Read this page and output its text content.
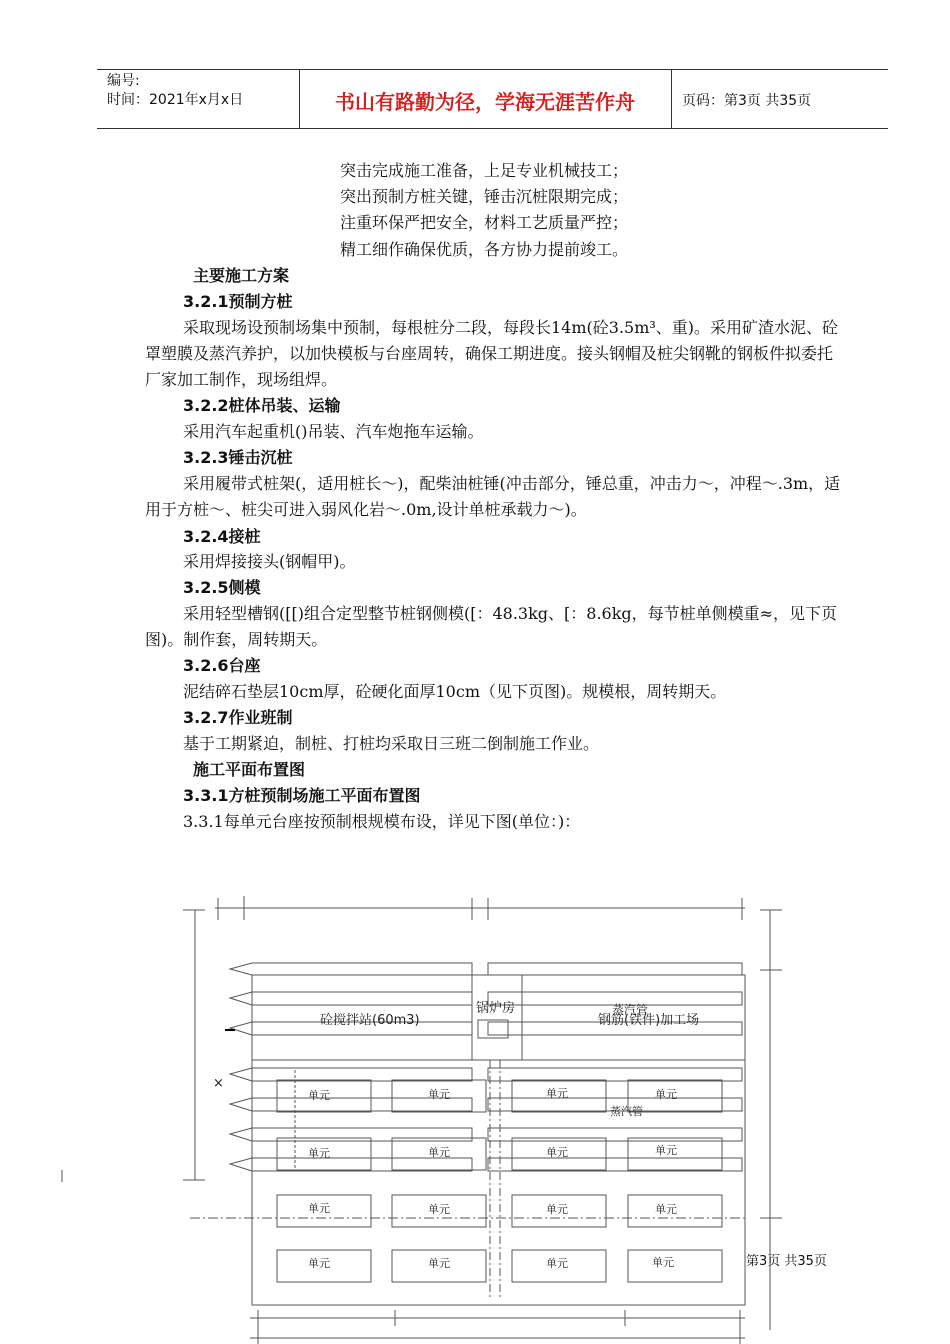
编号:
时间：2021年x月x日	书山有路勤为径，学海无涯苦作舟	页码：第3页 共35页
突击完成施工准备，上足专业机械技工；
突出预制方桩关键，锤击沉桩限期完成；
注重环保严把安全，材料工艺质量严控；
精工细作确保优质，各方协力提前竣工。
主要施工方案
3.2.1预制方桩
采取现场设预制场集中预制，每根桩分二段，每段长14m(砼3.5m³、重)。采用矿渣水泥、砼罩塑膜及蒸汽养护，以加快模板与台座周转，确保工期进度。接头钢帽及桩尖钢靴的钢板件拟委托厂家加工制作，现场组焊。
3.2.2桩体吊装、运输
采用汽车起重机()吊装、汽车炮拖车运输。
3.2.3锤击沉桩
采用履带式桩架(，适用桩长～)，配柴油桩锤(冲击部分，锤总重，冲击力～，冲程～.3m，适用于方桩～、桩尖可进入弱风化岩～.0m,设计单桩承载力～)。
3.2.4接桩
采用焊接接头(钢帽甲)。
3.2.5侧模
采用轻型槽钢([[)组合定型整节桩钢侧模([：48.3kg、[：8.6kg，每节桩单侧模重≈，见下页图)。制作套，周转期天。
3.2.6台座
泥结碎石垫层10cm厚，砼硬化面厚10cm（见下页图)。规模根，周转期天。
3.2.7作业班制
基于工期紧迫，制桩、打桩均采取日三班二倒制施工作业。
施工平面布置图
3.3.1方桩预制场施工平面布置图
3.3.1每单元台座按预制根规模布设，详见下图(单位：)：
砼搅拌站(60m3)
锅炉房	蒸汽管
钢筋(铁件)加工场
蒸汽管
×
单元	单元	单元	单元
单元	单元	单元	单元
单元	单元	单元	单元
单元	单元	单元	单元	第3页 共35页
